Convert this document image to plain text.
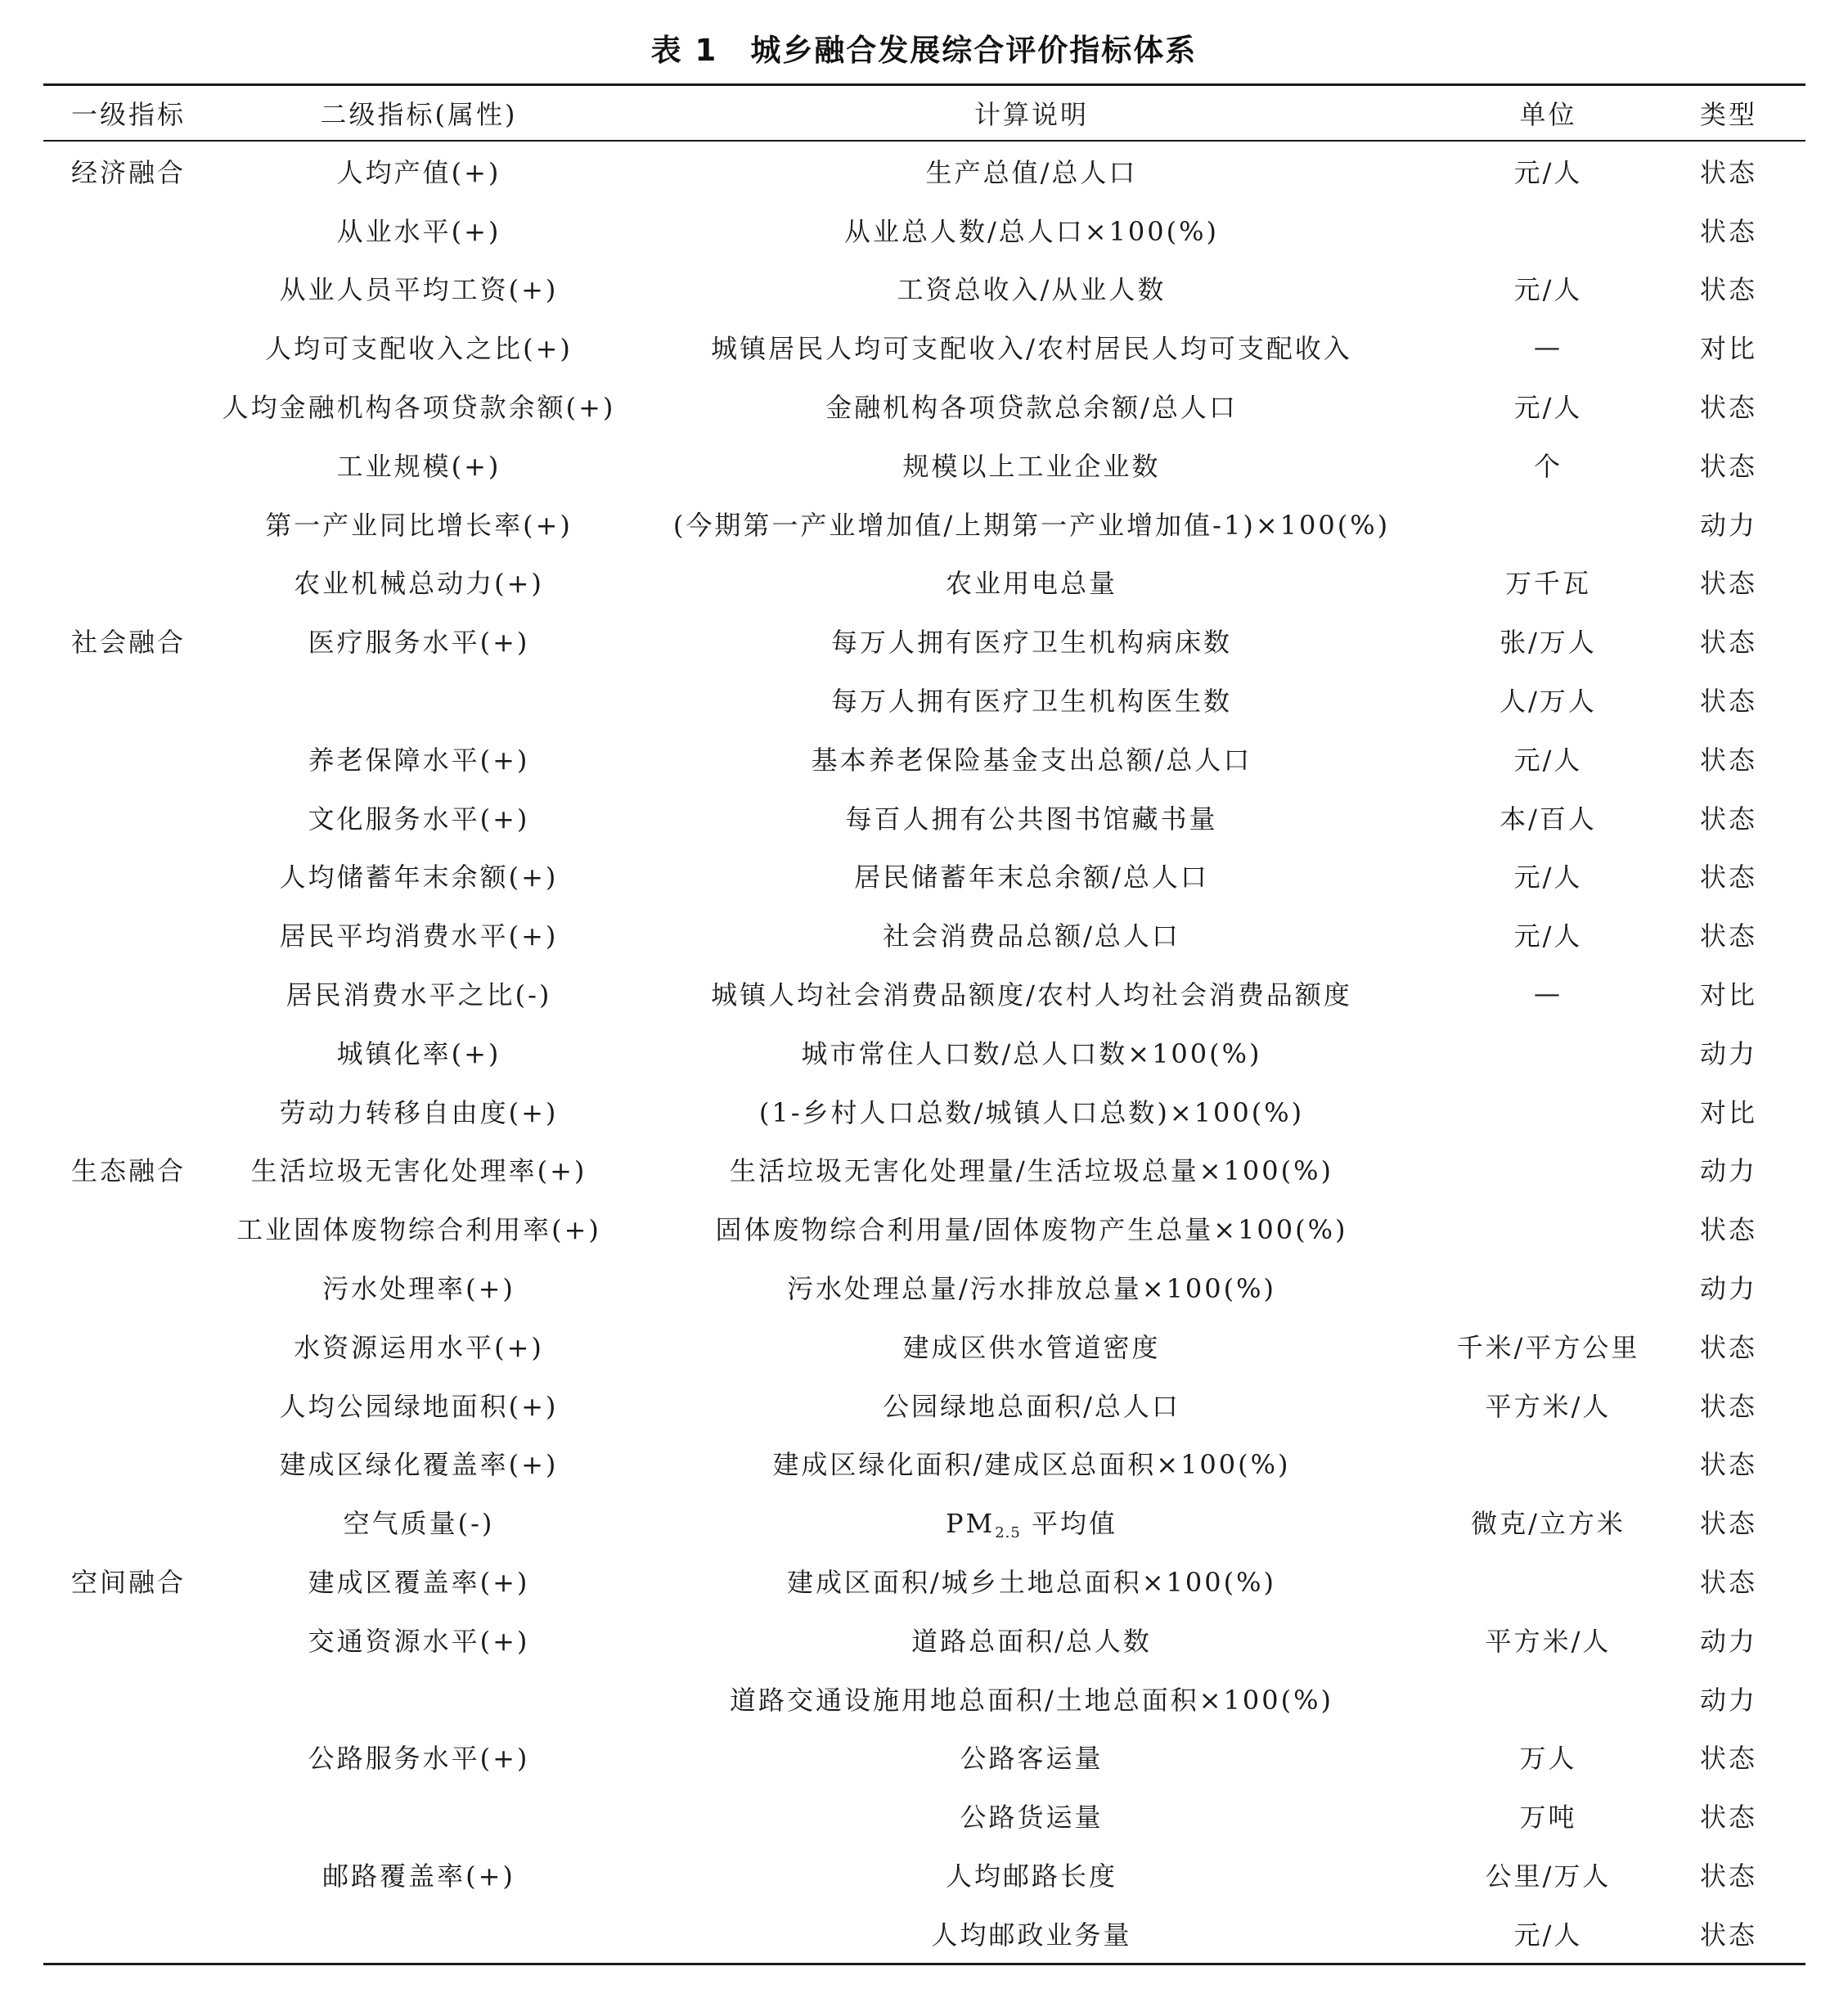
表 1 城乡融合发展综合评价指标体系
一级指标	二级指标(属性)	计算说明	单位	类型
经济融合	人均产值(+)	生产总值/总人口	元/人	状态
	从业水平(+)	从业总人数/总人口×100(%)		状态
	从业人员平均工资(+)	工资总收入/从业人数	元/人	状态
	人均可支配收入之比(+)	城镇居民人均可支配收入/农村居民人均可支配收入	—	对比
	人均金融机构各项贷款余额(+)	金融机构各项贷款总余额/总人口	元/人	状态
	工业规模(+)	规模以上工业企业数	个	状态
	第一产业同比增长率(+)	(今期第一产业增加值/上期第一产业增加值-1)×100(%)		动力
	农业机械总动力(+)	农业用电总量	万千瓦	状态
社会融合	医疗服务水平(+)	每万人拥有医疗卫生机构病床数	张/万人	状态
		每万人拥有医疗卫生机构医生数	人/万人	状态
	养老保障水平(+)	基本养老保险基金支出总额/总人口	元/人	状态
	文化服务水平(+)	每百人拥有公共图书馆藏书量	本/百人	状态
	人均储蓄年末余额(+)	居民储蓄年末总余额/总人口	元/人	状态
	居民平均消费水平(+)	社会消费品总额/总人口	元/人	状态
	居民消费水平之比(-)	城镇人均社会消费品额度/农村人均社会消费品额度	—	对比
	城镇化率(+)	城市常住人口数/总人口数×100(%)		动力
	劳动力转移自由度(+)	(1-乡村人口总数/城镇人口总数)×100(%)		对比
生态融合	生活垃圾无害化处理率(+)	生活垃圾无害化处理量/生活垃圾总量×100(%)		动力
	工业固体废物综合利用率(+)	固体废物综合利用量/固体废物产生总量×100(%)		状态
	污水处理率(+)	污水处理总量/污水排放总量×100(%)		动力
	水资源运用水平(+)	建成区供水管道密度	千米/平方公里	状态
	人均公园绿地面积(+)	公园绿地总面积/总人口	平方米/人	状态
	建成区绿化覆盖率(+)	建成区绿化面积/建成区总面积×100(%)		状态
	空气质量(-)	$PM_{2.5}$ 平均值	微克/立方米	状态
空间融合	建成区覆盖率(+)	建成区面积/城乡土地总面积×100(%)		状态
	交通资源水平(+)	道路总面积/总人数	平方米/人	动力
		道路交通设施用地总面积/土地总面积×100(%)		动力
	公路服务水平(+)	公路客运量	万人	状态
		公路货运量	万吨	状态
	邮路覆盖率(+)	人均邮路长度	公里/万人	状态
		人均邮政业务量	元/人	状态
